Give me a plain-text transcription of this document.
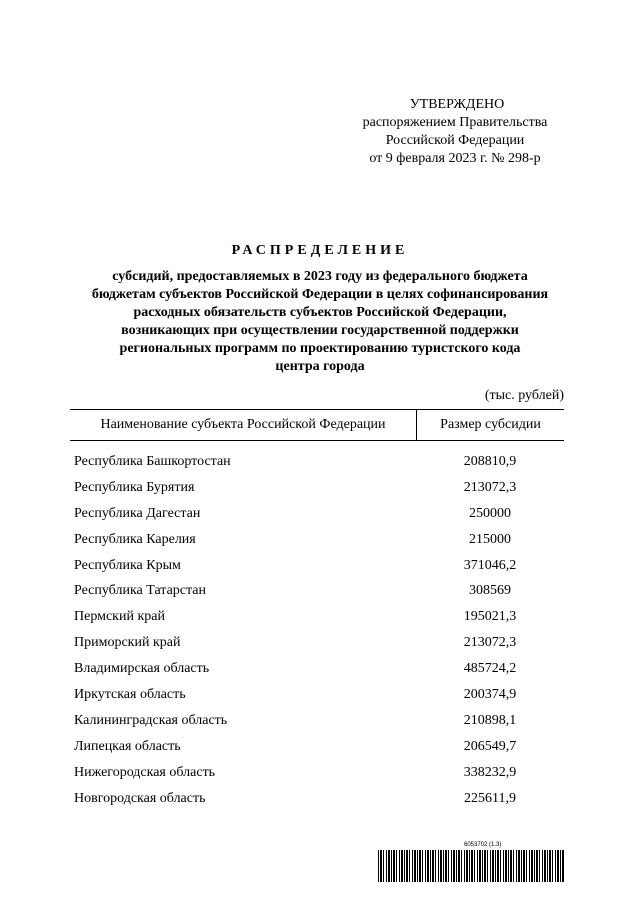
УТВЕРЖДЕНО
распоряжением Правительства
Российской Федерации
от 9 февраля 2023 г. № 298-р
РАСПРЕДЕЛЕНИЕ
субсидий, предоставляемых в 2023 году из федерального бюджета
бюджетам субъектов Российской Федерации в целях софинансирования
расходных обязательств субъектов Российской Федерации,
возникающих при осуществлении государственной поддержки
региональных программ по проектированию туристского кода
центра города
(тыс. рублей)
Наименование субъекта Российской Федерации	Размер субсидии
Республика Башкортостан	208810,9
Республика Бурятия	213072,3
Республика Дагестан	250000
Республика Карелия	215000
Республика Крым	371046,2
Республика Татарстан	308569
Пермский край	195021,3
Приморский край	213072,3
Владимирская область	485724,2
Иркутская область	200374,9
Калининградская область	210898,1
Липецкая область	206549,7
Нижегородская область	338232,9
Новгородская область	225611,9
6053702 (1.3)
